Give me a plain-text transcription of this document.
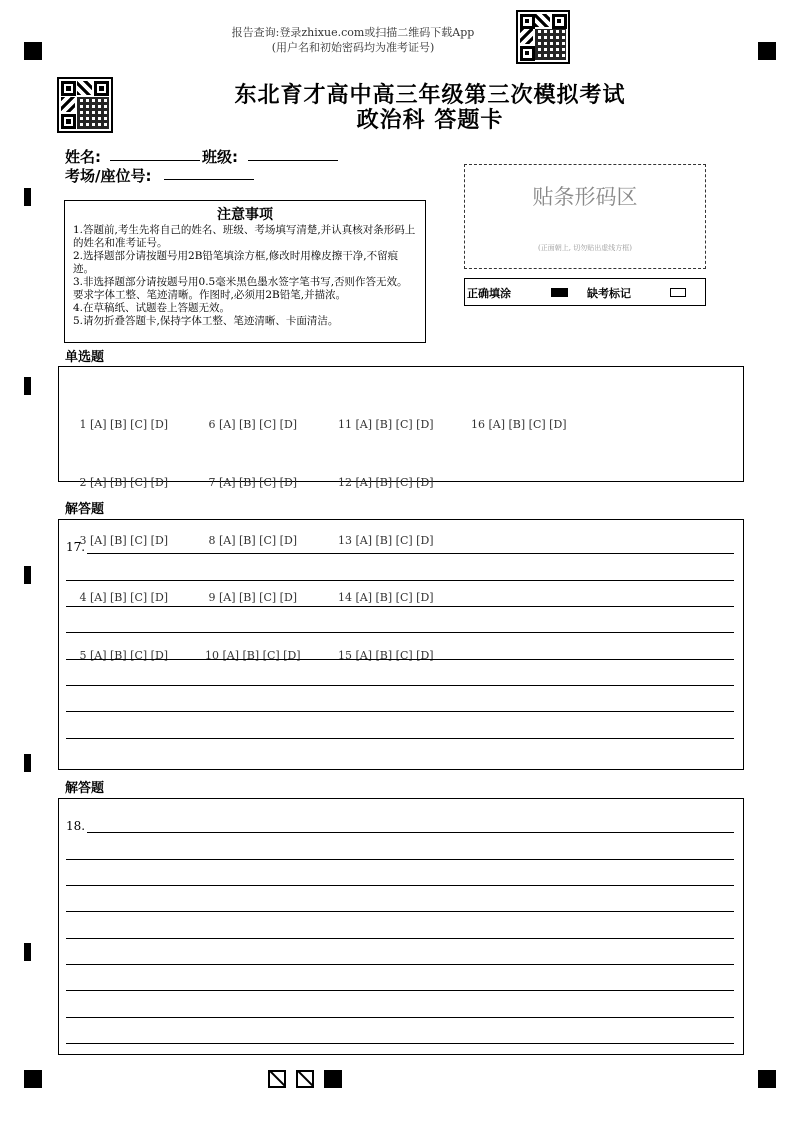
报告查询:登录zhixue.com或扫描二维码下载App
(用户名和初始密码均为准考证号)
东北育才高中高三年级第三次模拟考试
政治科 答题卡
姓名:	班级:
考场/座位号:
注意事项
1.答题前,考生先将自己的姓名、班级、考场填写清楚,并认真核对条形码上的姓名和准考证号。
2.选择题部分请按题号用2B铅笔填涂方框,修改时用橡皮擦干净,不留痕迹。
3.非选择题部分请按题号用0.5毫米黑色墨水签字笔书写,否则作答无效。要求字体工整、笔迹清晰。作图时,必须用2B铅笔,并描浓。
4.在草稿纸、试题卷上答题无效。
5.请勿折叠答题卡,保持字体工整、笔迹清晰、卡面清洁。
贴条形码区
(正面朝上, 切勿贴出虚线方框)
正确填涂	缺考标记
单选题

1 [A] [B] [C] [D]

2 [A] [B] [C] [D]

3 [A] [B] [C] [D]

4 [A] [B] [C] [D]

5 [A] [B] [C] [D]

6 [A] [B] [C] [D]

7 [A] [B] [C] [D]

8 [A] [B] [C] [D]

9 [A] [B] [C] [D]

10 [A] [B] [C] [D]

11 [A] [B] [C] [D]

12 [A] [B] [C] [D]

13 [A] [B] [C] [D]

14 [A] [B] [C] [D]

15 [A] [B] [C] [D]

16 [A] [B] [C] [D]

解答题
17.
解答题
18.
